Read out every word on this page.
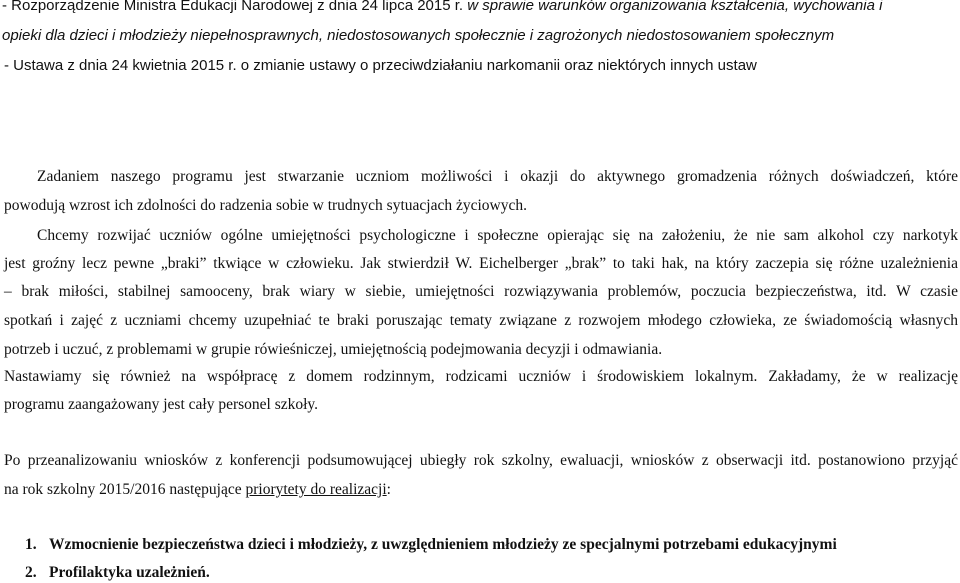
- Rozporządzenie Ministra Edukacji Narodowej z dnia 24 lipca 2015 r. w sprawie warunków organizowania kształcenia, wychowania i
opieki dla dzieci i młodzieży niepełnosprawnych, niedostosowanych społecznie i zagrożonych niedostosowaniem społecznym
- Ustawa z dnia 24 kwietnia 2015 r. o zmianie ustawy o przeciwdziałaniu narkomanii oraz niektórych innych ustaw
Zadaniem naszego programu jest stwarzanie uczniom możliwości i okazji do aktywnego gromadzenia różnych doświadczeń, które
powodują wzrost ich zdolności do radzenia sobie w trudnych sytuacjach życiowych.
Chcemy rozwijać uczniów ogólne umiejętności psychologiczne i społeczne opierając się na założeniu, że nie sam alkohol czy narkotyk
jest groźny lecz pewne „braki” tkwiące w człowieku. Jak stwierdził W. Eichelberger „brak” to taki hak, na który zaczepia się różne uzależnienia
– brak miłości, stabilnej samooceny, brak wiary w siebie, umiejętności rozwiązywania problemów, poczucia bezpieczeństwa, itd. W czasie
spotkań i zajęć z uczniami chcemy uzupełniać te braki poruszając tematy związane z rozwojem młodego człowieka, ze świadomością własnych
potrzeb i uczuć, z problemami w grupie rówieśniczej, umiejętnością podejmowania decyzji i odmawiania.
Nastawiamy się również na współpracę z domem rodzinnym, rodzicami uczniów i środowiskiem lokalnym. Zakładamy, że w realizację
programu zaangażowany jest cały personel szkoły.
Po przeanalizowaniu wniosków z konferencji podsumowującej ubiegły rok szkolny, ewaluacji, wniosków z obserwacji itd. postanowiono przyjąć
na rok szkolny 2015/2016 następujące priorytety do realizacji:
1. Wzmocnienie bezpieczeństwa dzieci i młodzieży, z uwzględnieniem młodzieży ze specjalnymi potrzebami edukacyjnymi
2. Profilaktyka uzależnień.
